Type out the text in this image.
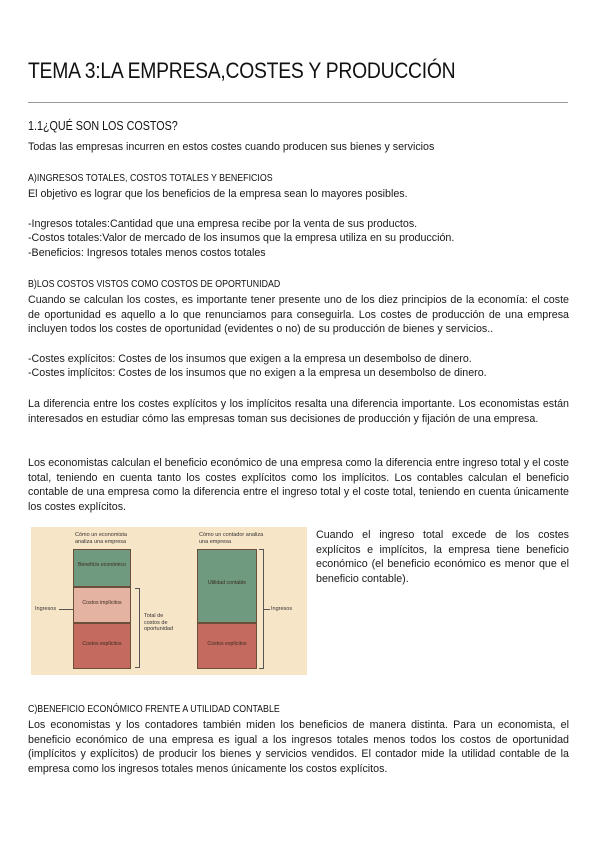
TEMA 3:LA EMPRESA,COSTES Y PRODUCCIÓN
1.1¿QUÉ SON LOS COSTOS?
Todas las empresas incurren en estos costes cuando producen sus bienes y servicios
A)INGRESOS TOTALES, COSTOS TOTALES Y BENEFICIOS
El objetivo es lograr que los beneficios de la empresa sean lo mayores posibles.
-Ingresos totales:Cantidad que una empresa recibe por la venta de sus productos.
-Costos totales:Valor de mercado de los insumos que la empresa utiliza en su producción.
-Beneficios: Ingresos totales menos costos totales
B)LOS COSTOS VISTOS COMO COSTOS DE OPORTUNIDAD
Cuando se calculan los costes, es importante tener presente uno de los diez principios de la economía: el coste de oportunidad es aquello a lo que renunciamos para conseguirla. Los costes de producción de una empresa incluyen todos los costes de oportunidad (evidentes o no) de su producción de bienes y servicios..
-Costes explícitos: Costes de los insumos que exigen a la empresa un desembolso de dinero.
-Costes implícitos: Costes de los insumos que no exigen a la empresa un desembolso de dinero.
La diferencia entre los costes explícitos y los implícitos resalta una diferencia importante. Los economistas están interesados en estudiar cómo las empresas toman sus decisiones de producción y fijación de una empresa.
Los economistas calculan el beneficio económico de una empresa como la diferencia entre ingreso total y el coste total, teniendo en cuenta tanto los costes explícitos como los implícitos. Los contables calculan el beneficio contable de una empresa como la diferencia entre el ingreso total y el coste total, teniendo en cuenta únicamente los costes explícitos.
Cómo un economista analiza una empresa
Cómo un contador analiza una empresa
Ingresos
Beneficio económico
Costos implícitos
Costos explícitos
Total de costos de oportunidad
Utilidad contable
Costos explícitos
Ingresos
Cuando el ingreso total excede de los costes explícitos e implícitos, la empresa tiene beneficio económico (el beneficio económico es menor que el beneficio contable).
C)BENEFICIO ECONÓMICO FRENTE A UTILIDAD CONTABLE
Los economistas y los contadores también miden los beneficios de manera distinta. Para un economista, el beneficio económico de una empresa es igual a los ingresos totales menos todos los costos de oportunidad (implícitos y explícitos) de producir los bienes y servicios vendidos. El contador mide la utilidad contable de la empresa como los ingresos totales menos únicamente los costos explícitos.
